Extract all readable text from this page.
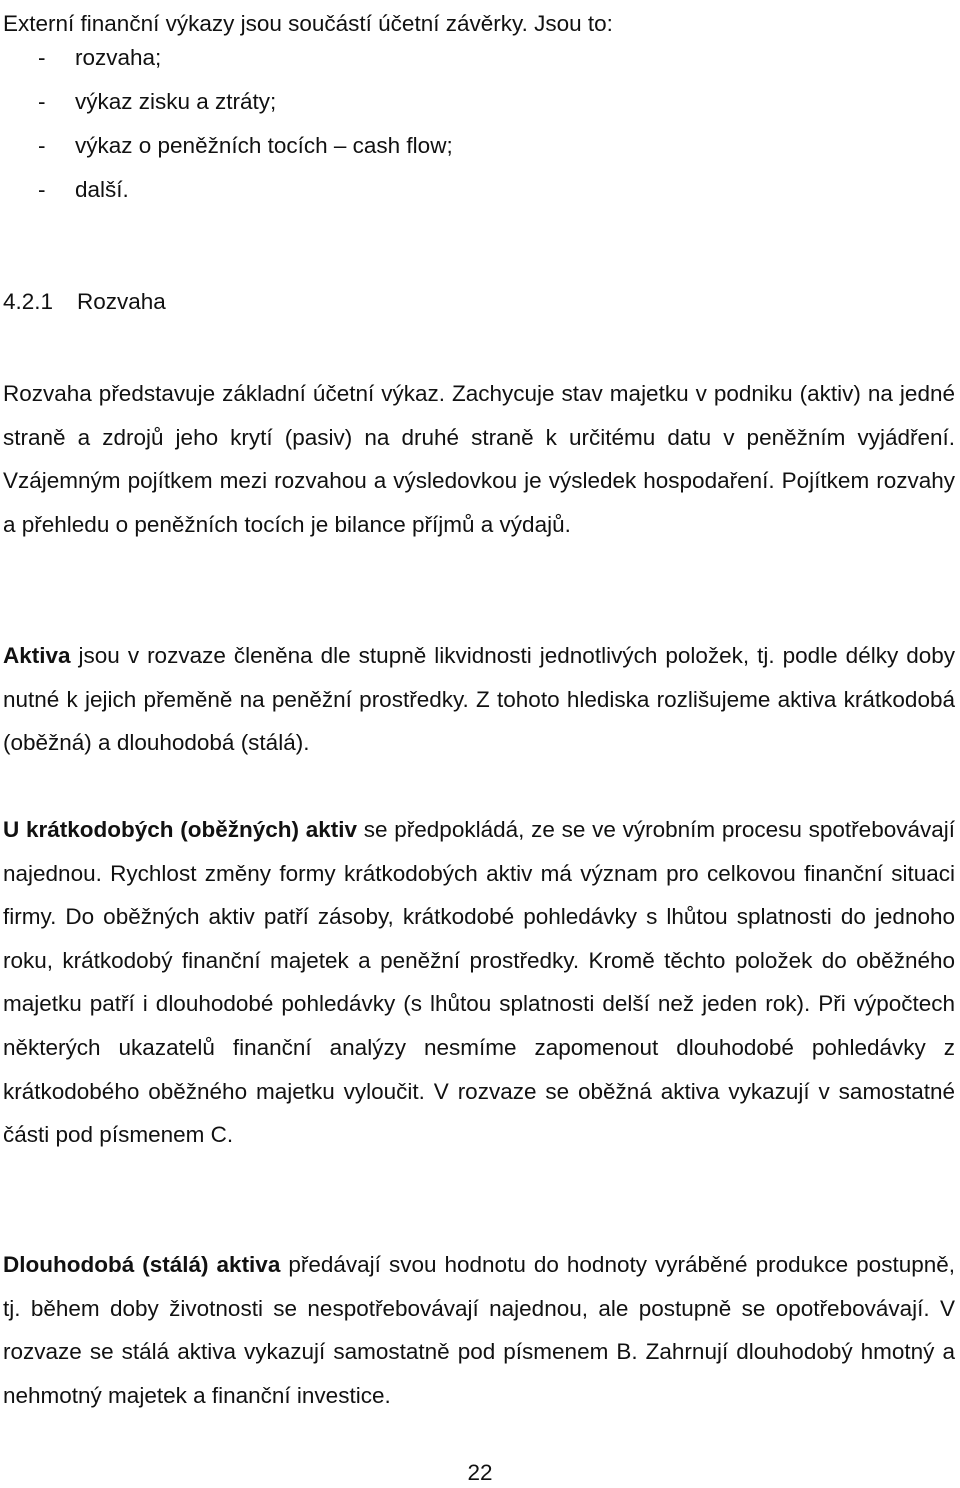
Externí finanční výkazy jsou součástí účetní závěrky. Jsou to:

- rozvaha;
- výkaz zisku a ztráty;
- výkaz o peněžních tocích – cash flow;
- další.
4.2.1 Rozvaha

Rozvaha představuje základní účetní výkaz. Zachycuje stav majetku v podniku (aktiv) na jedné straně a zdrojů jeho krytí (pasiv) na druhé straně k určitému datu v peněžním vyjádření. Vzájemným pojítkem mezi rozvahou a výsledovkou je výsledek hospodaření. Pojítkem rozvahy a přehledu o peněžních tocích je bilance příjmů a výdajů.

Aktiva jsou v rozvaze členěna dle stupně likvidnosti jednotlivých položek, tj. podle délky doby nutné k jejich přeměně na peněžní prostředky. Z tohoto hlediska rozlišujeme aktiva krátkodobá (oběžná) a dlouhodobá (stálá).

U krátkodobých (oběžných) aktiv se předpokládá, ze se ve výrobním procesu spotřebovávají najednou. Rychlost změny formy krátkodobých aktiv má význam pro celkovou finanční situaci firmy. Do oběžných aktiv patří zásoby, krátkodobé pohledávky s lhůtou splatnosti do jednoho roku, krátkodobý finanční majetek a peněžní prostředky. Kromě těchto položek do oběžného majetku patří i dlouhodobé pohledávky (s lhůtou splatnosti delší než jeden rok). Při výpočtech některých ukazatelů finanční analýzy nesmíme zapomenout dlouhodobé pohledávky z krátkodobého oběžného majetku vyloučit. V rozvaze se oběžná aktiva vykazují v samostatné části pod písmenem C.

Dlouhodobá (stálá) aktiva předávají svou hodnotu do hodnoty vyráběné produkce postupně, tj. během doby životnosti se nespotřebovávají najednou, ale postupně se opotřebovávají. V rozvaze se stálá aktiva vykazují samostatně pod písmenem B. Zahrnují dlouhodobý hmotný a nehmotný majetek a finanční investice.

22
